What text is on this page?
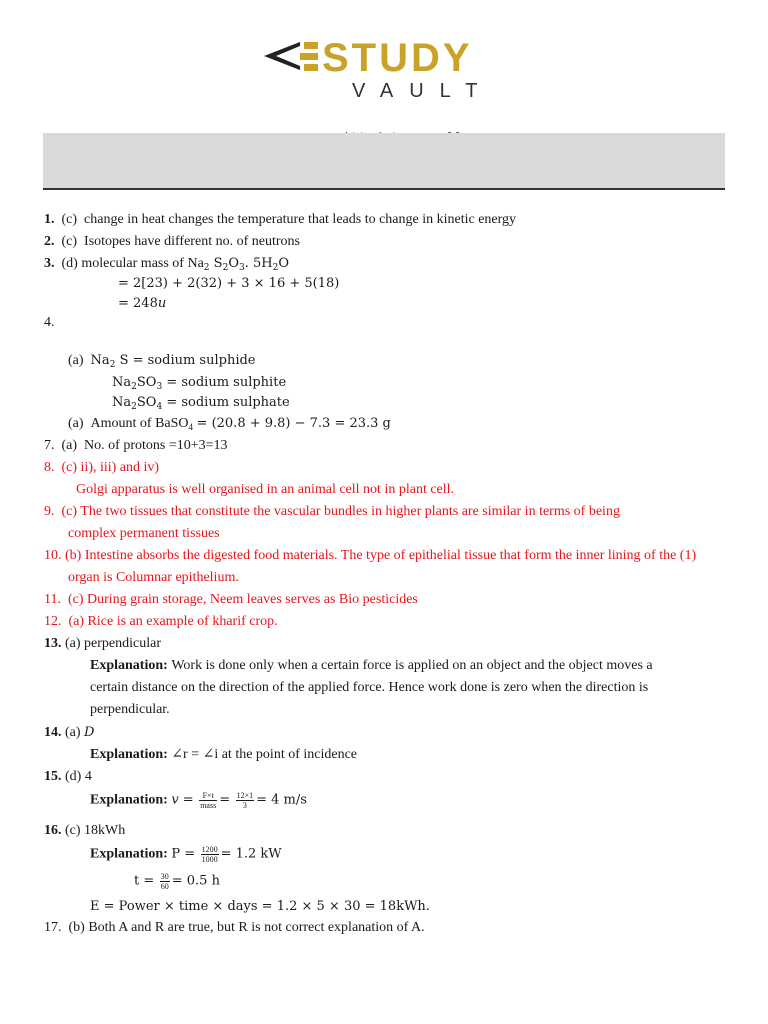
STUDY
VAULT
1. (c) change in heat changes the temperature that leads to change in kinetic energy
2. (c) Isotopes have different no. of neutrons
3. (d) molecular mass of $Na_2$ $S_2O_3$. $5H_2O$
= 2[23) + 2(32) + 3 × 16 + 5(18)
= 248u
4.
(a) $Na_2$ S = sodium sulphide
$Na_2SO_3$ = sodium sulphite
$Na_2SO_4$ = sodium sulphate
(a) Amount of BaSO$_4$ = (20.8 + 9.8) − 7.3 = 23.3 g
7. (a) No. of protons =10+3=13
8. (c) ii), iii) and iv)
Golgi apparatus is well organised in an animal cell not in plant cell.
9. (c) The two tissues that constitute the vascular bundles in higher plants are similar in terms of being
complex permanent tissues
10. (b) Intestine absorbs the digested food materials. The type of epithelial tissue that form the inner lining of the (1)
organ is Columnar epithelium.
11. (c) During grain storage, Neem leaves serves as Bio pesticides
12. (a) Rice is an example of kharif crop.
13. (a) perpendicular
Explanation: Work is done only when a certain force is applied on an object and the object moves a
certain distance on the direction of the applied force. Hence work done is zero when the direction is
perpendicular.
14. (a) D
Explanation: ∠r = ∠i at the point of incidence
15. (d) 4
Explanation: $v = \frac{F\times t}{\text{mass}} = \frac{12\times 1}{3} = 4$ m/s
16. (c) 18kWh
Explanation: $P = \frac{1200}{1000} = 1.2$ kW
$t = \frac{30}{60} = 0.5$ h
E = Power × time × days = 1.2 × 5 × 30 = 18kWh.
17. (b) Both A and R are true, but R is not correct explanation of A.
